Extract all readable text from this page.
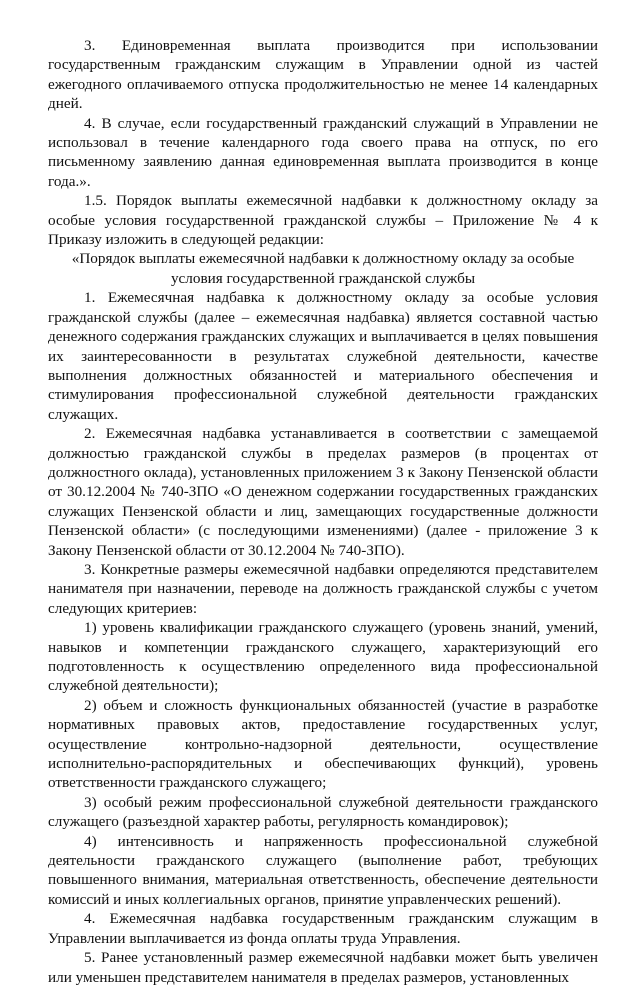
3. Единовременная выплата производится при использовании государственным гражданским служащим в Управлении одной из частей ежегодного оплачиваемого отпуска продолжительностью не менее 14 календарных дней.

4. В случае, если государственный гражданский служащий в Управлении не использовал в течение календарного года своего права на отпуск, по его письменному заявлению данная единовременная выплата производится в конце года.».

1.5. Порядок выплаты ежемесячной надбавки к должностному окладу за особые условия государственной гражданской службы – Приложение № 4 к Приказу изложить в следующей редакции:

«Порядок выплаты ежемесячной надбавки к должностному окладу за особые условия государственной гражданской службы

1. Ежемесячная надбавка к должностному окладу за особые условия гражданской службы (далее – ежемесячная надбавка) является составной частью денежного содержания гражданских служащих и выплачивается в целях повышения их заинтересованности в результатах служебной деятельности, качестве выполнения должностных обязанностей и материального обеспечения и стимулирования профессиональной служебной деятельности гражданских служащих.

2. Ежемесячная надбавка устанавливается в соответствии с замещаемой должностью гражданской службы в пределах размеров (в процентах от должностного оклада), установленных приложением 3 к Закону Пензенской области от 30.12.2004 № 740-ЗПО «О денежном содержании государственных гражданских служащих Пензенской области и лиц, замещающих государственные должности Пензенской области» (с последующими изменениями) (далее - приложение 3 к Закону Пензенской области от 30.12.2004 № 740-ЗПО).

3. Конкретные размеры ежемесячной надбавки определяются представителем нанимателя при назначении, переводе на должность гражданской службы с учетом следующих критериев:

1) уровень квалификации гражданского служащего (уровень знаний, умений, навыков и компетенции гражданского служащего, характеризующий его подготовленность к осуществлению определенного вида профессиональной служебной деятельности);

2) объем и сложность функциональных обязанностей (участие в разработке нормативных правовых актов, предоставление государственных услуг, осуществление контрольно-надзорной деятельности, осуществление исполнительно-распорядительных и обеспечивающих функций), уровень ответственности гражданского служащего;

3) особый режим профессиональной служебной деятельности гражданского служащего (разъездной характер работы, регулярность командировок);

4) интенсивность и напряженность профессиональной служебной деятельности гражданского служащего (выполнение работ, требующих повышенного внимания, материальная ответственность, обеспечение деятельности комиссий и иных коллегиальных органов, принятие управленческих решений).

4. Ежемесячная надбавка государственным гражданским служащим в Управлении выплачивается из фонда оплаты труда Управления.

5. Ранее установленный размер ежемесячной надбавки может быть увеличен или уменьшен представителем нанимателя в пределах размеров, установленных
